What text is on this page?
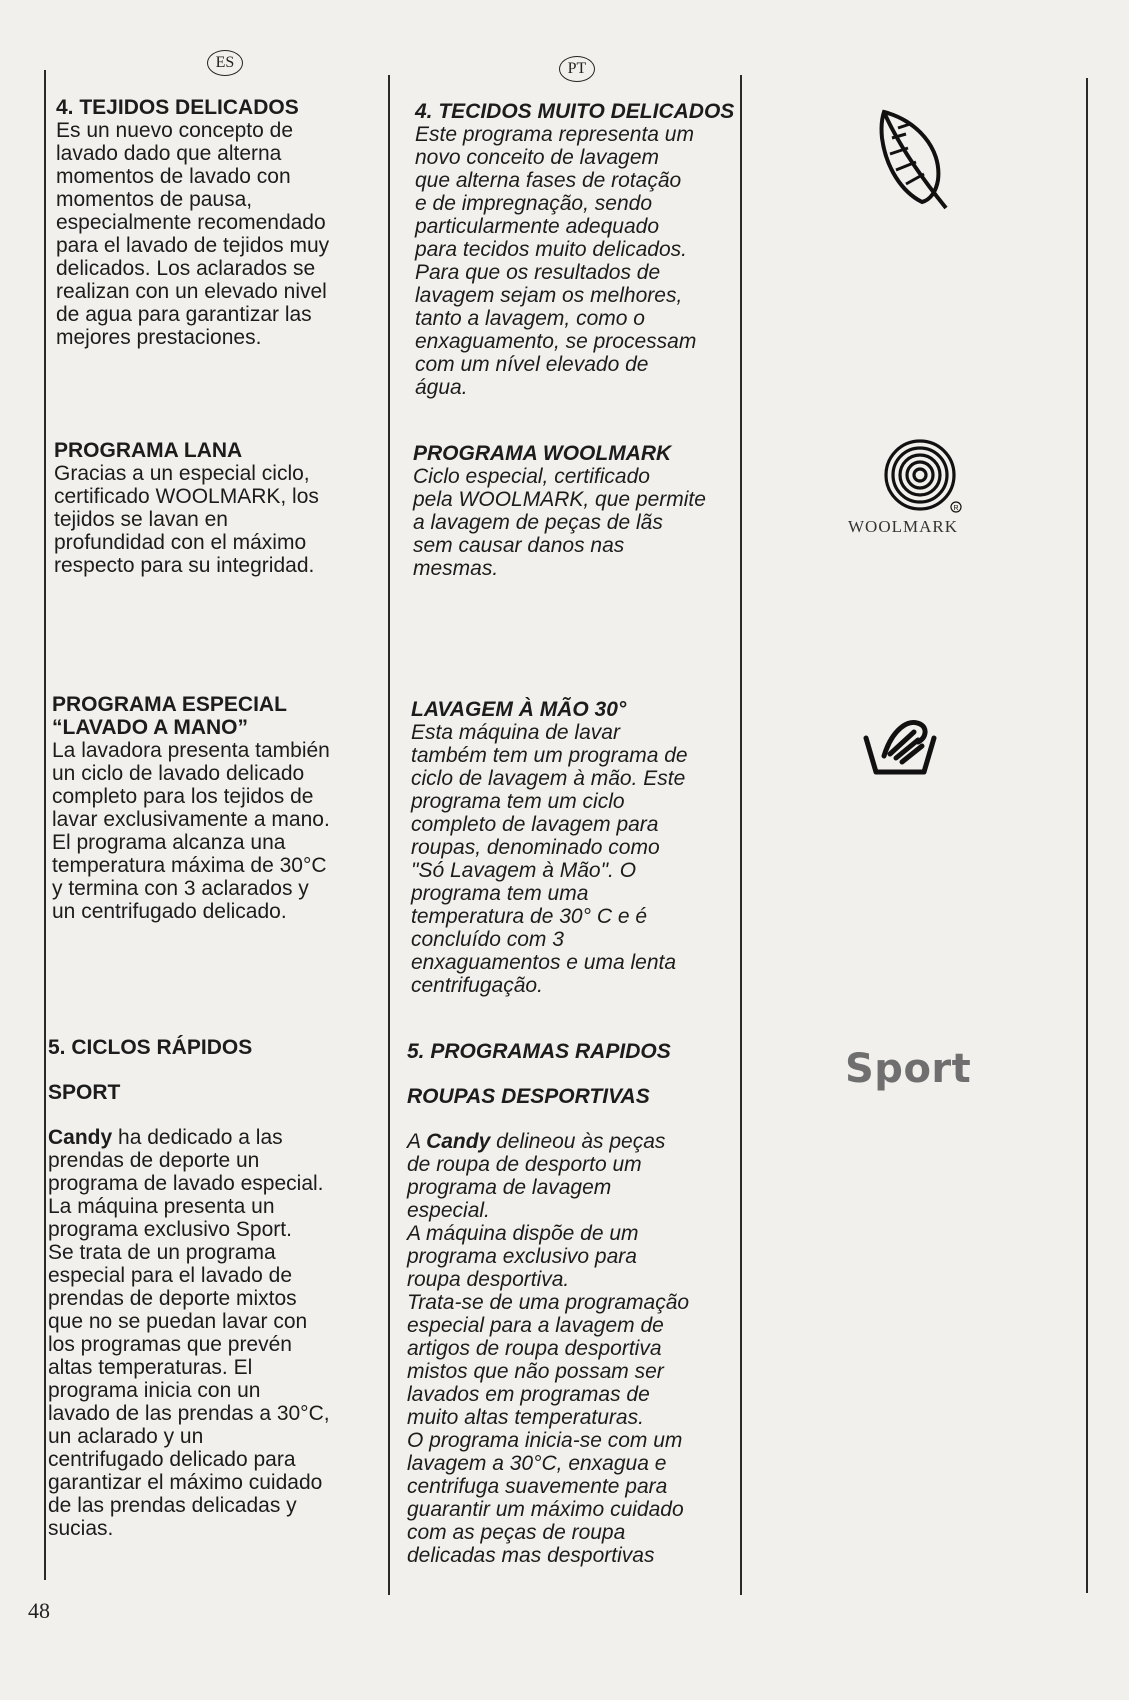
ES	PT

4. TEJIDOS DELICADOS

Es un nuevo concepto de
lavado dado que alterna
momentos de lavado con
momentos de pausa,
especialmente recomendado
para el lavado de tejidos muy
delicados. Los aclarados se
realizan con un elevado nivel
de agua para garantizar las
mejores prestaciones.

PROGRAMA LANA

Gracias a un especial ciclo,
certificado WOOLMARK, los
tejidos se lavan en
profundidad con el máximo
respecto para su integridad.

PROGRAMA ESPECIAL

“LAVADO A MANO”

La lavadora presenta también
un ciclo de lavado delicado
completo para los tejidos de
lavar exclusivamente a mano.
El programa alcanza una
temperatura máxima de 30°C
y termina con 3 aclarados y
un centrifugado delicado.

5. CICLOS RÁPIDOS

SPORT

Candy ha dedicado a las

prendas de deporte un
programa de lavado especial.
La máquina presenta un
programa exclusivo Sport.
Se trata de un programa
especial para el lavado de
prendas de deporte mixtos
que no se puedan lavar con
los programas que prevén
altas temperaturas. El
programa inicia con un
lavado de las prendas a 30°C,
un aclarado y un
centrifugado delicado para
garantizar el máximo cuidado
de las prendas delicadas y
sucias.

4. TECIDOS MUITO DELICADOS

Este programa representa um
novo conceito de lavagem
que alterna fases de rotação
e de impregnação, sendo
particularmente adequado
para tecidos muito delicados.
Para que os resultados de
lavagem sejam os melhores,
tanto a lavagem, como o
enxaguamento, se processam
com um nível elevado de
água.

PROGRAMA WOOLMARK

Ciclo especial, certificado
pela WOOLMARK, que permite
a lavagem de peças de lãs
sem causar danos nas
mesmas.

LAVAGEM À MÃO 30°

Esta máquina de lavar
também tem um programa de
ciclo de lavagem à mão. Este
programa tem um ciclo
completo de lavagem para
roupas, denominado como
"Só Lavagem à Mão". O
programa tem uma
temperatura de 30° C e é
concluído com 3
enxaguamentos e uma lenta
centrifugação.

5. PROGRAMAS RAPIDOS

ROUPAS DESPORTIVAS

A Candy delineou às peças

de roupa de desporto um
programa de lavagem
especial.
A máquina dispõe de um
programa exclusivo para
roupa desportiva.
Trata-se de uma programação
especial para a lavagem de
artigos de roupa desportiva
mistos que não possam ser
lavados em programas de
muito altas temperaturas.
O programa inicia-se com um
lavagem a 30°C, enxagua e
centrifuga suavemente para
guarantir um máximo cuidado
com as peças de roupa
delicadas mas desportivas

R
WOOLMARK
Sport
48
